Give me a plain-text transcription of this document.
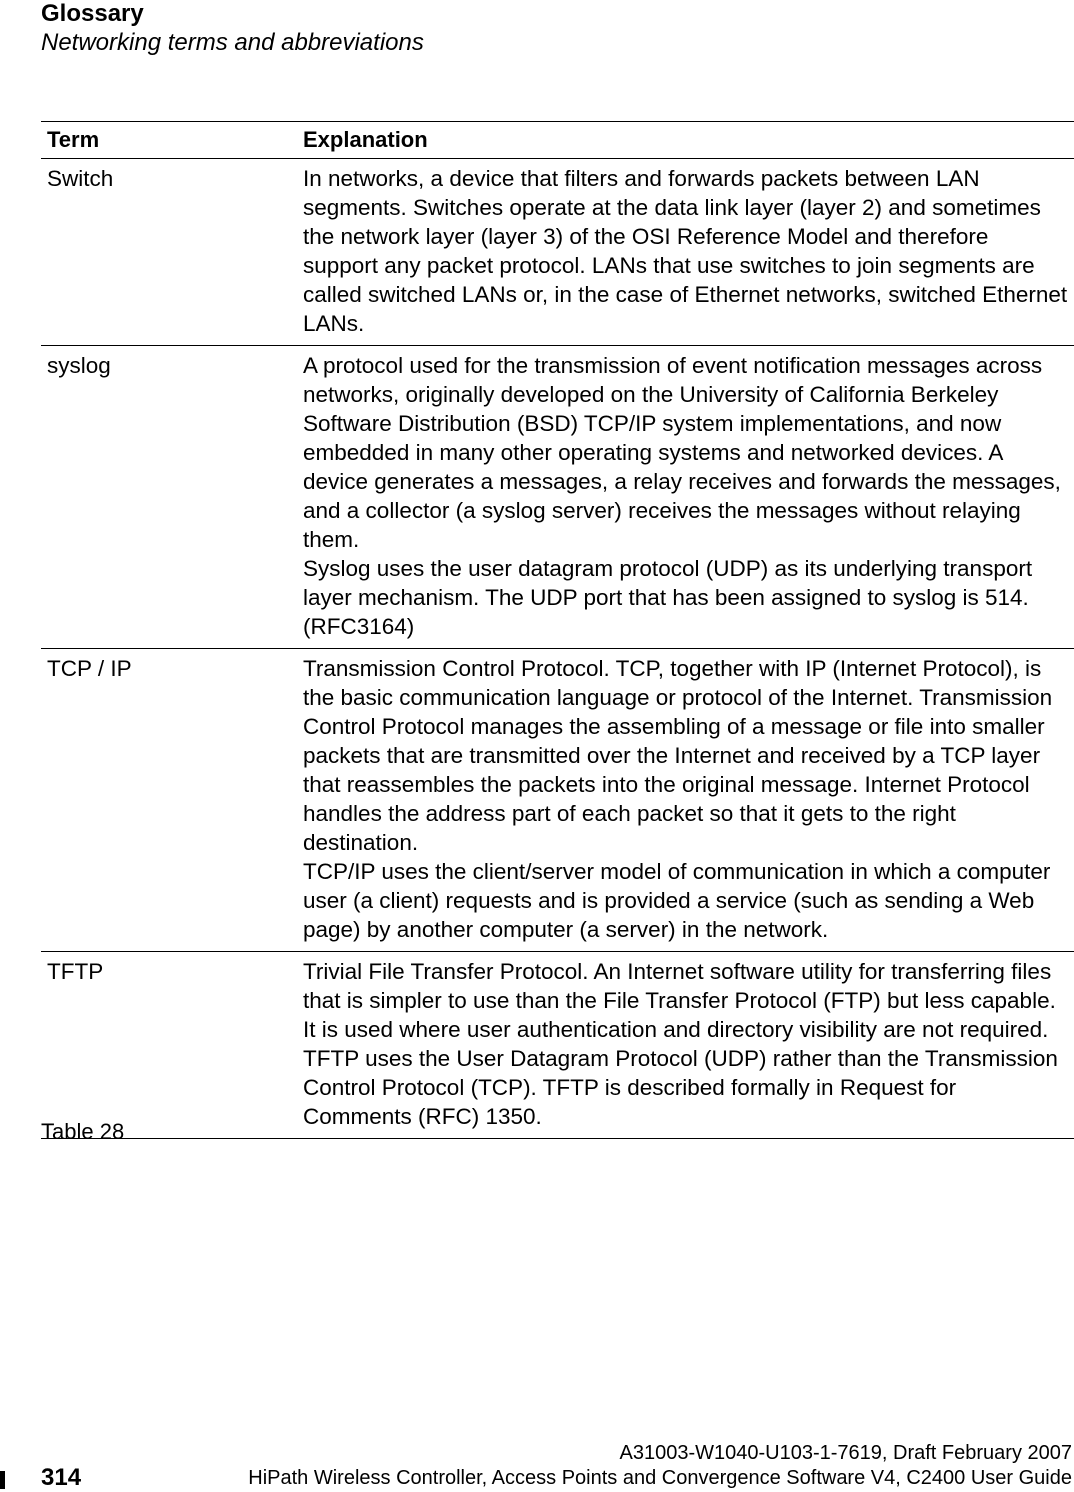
Glossary
Networking terms and abbreviations
Term	Explanation
Switch	In networks, a device that filters and forwards packets between LAN segments. Switches operate at the data link layer (layer 2) and sometimes the network layer (layer 3) of the OSI Reference Model and therefore support any packet protocol. LANs that use switches to join segments are called switched LANs or, in the case of Ethernet networks, switched Ethernet LANs.

syslog	A protocol used for the transmission of event notification messages across networks, originally developed on the University of California Berkeley Software Distribution (BSD) TCP/IP system implementations, and now embedded in many other operating systems and networked devices. A device generates a messages, a relay receives and forwards the messages, and a collector (a syslog server) receives the messages without relaying them.

Syslog uses the user datagram protocol (UDP) as its underlying transport layer mechanism. The UDP port that has been assigned to syslog is 514. (RFC3164)

TCP / IP	Transmission Control Protocol. TCP, together with IP (Internet Protocol), is the basic communication language or protocol of the Internet. Transmission Control Protocol manages the assembling of a message or file into smaller packets that are transmitted over the Internet and received by a TCP layer that reassembles the packets into the original message. Internet Protocol handles the address part of each packet so that it gets to the right destination.

TCP/IP uses the client/server model of communication in which a computer user (a client) requests and is provided a service (such as sending a Web page) by another computer (a server) in the network.

TFTP	Trivial File Transfer Protocol. An Internet software utility for transferring files that is simpler to use than the File Transfer Protocol (FTP) but less capable. It is used where user authentication and directory visibility are not required. TFTP uses the User Datagram Protocol (UDP) rather than the Transmission Control Protocol (TCP). TFTP is described formally in Request for Comments (RFC) 1350.

Table 28
314
A31003-W1040-U103-1-7619, Draft February 2007
HiPath Wireless Controller, Access Points and Convergence Software V4, C2400 User Guide
